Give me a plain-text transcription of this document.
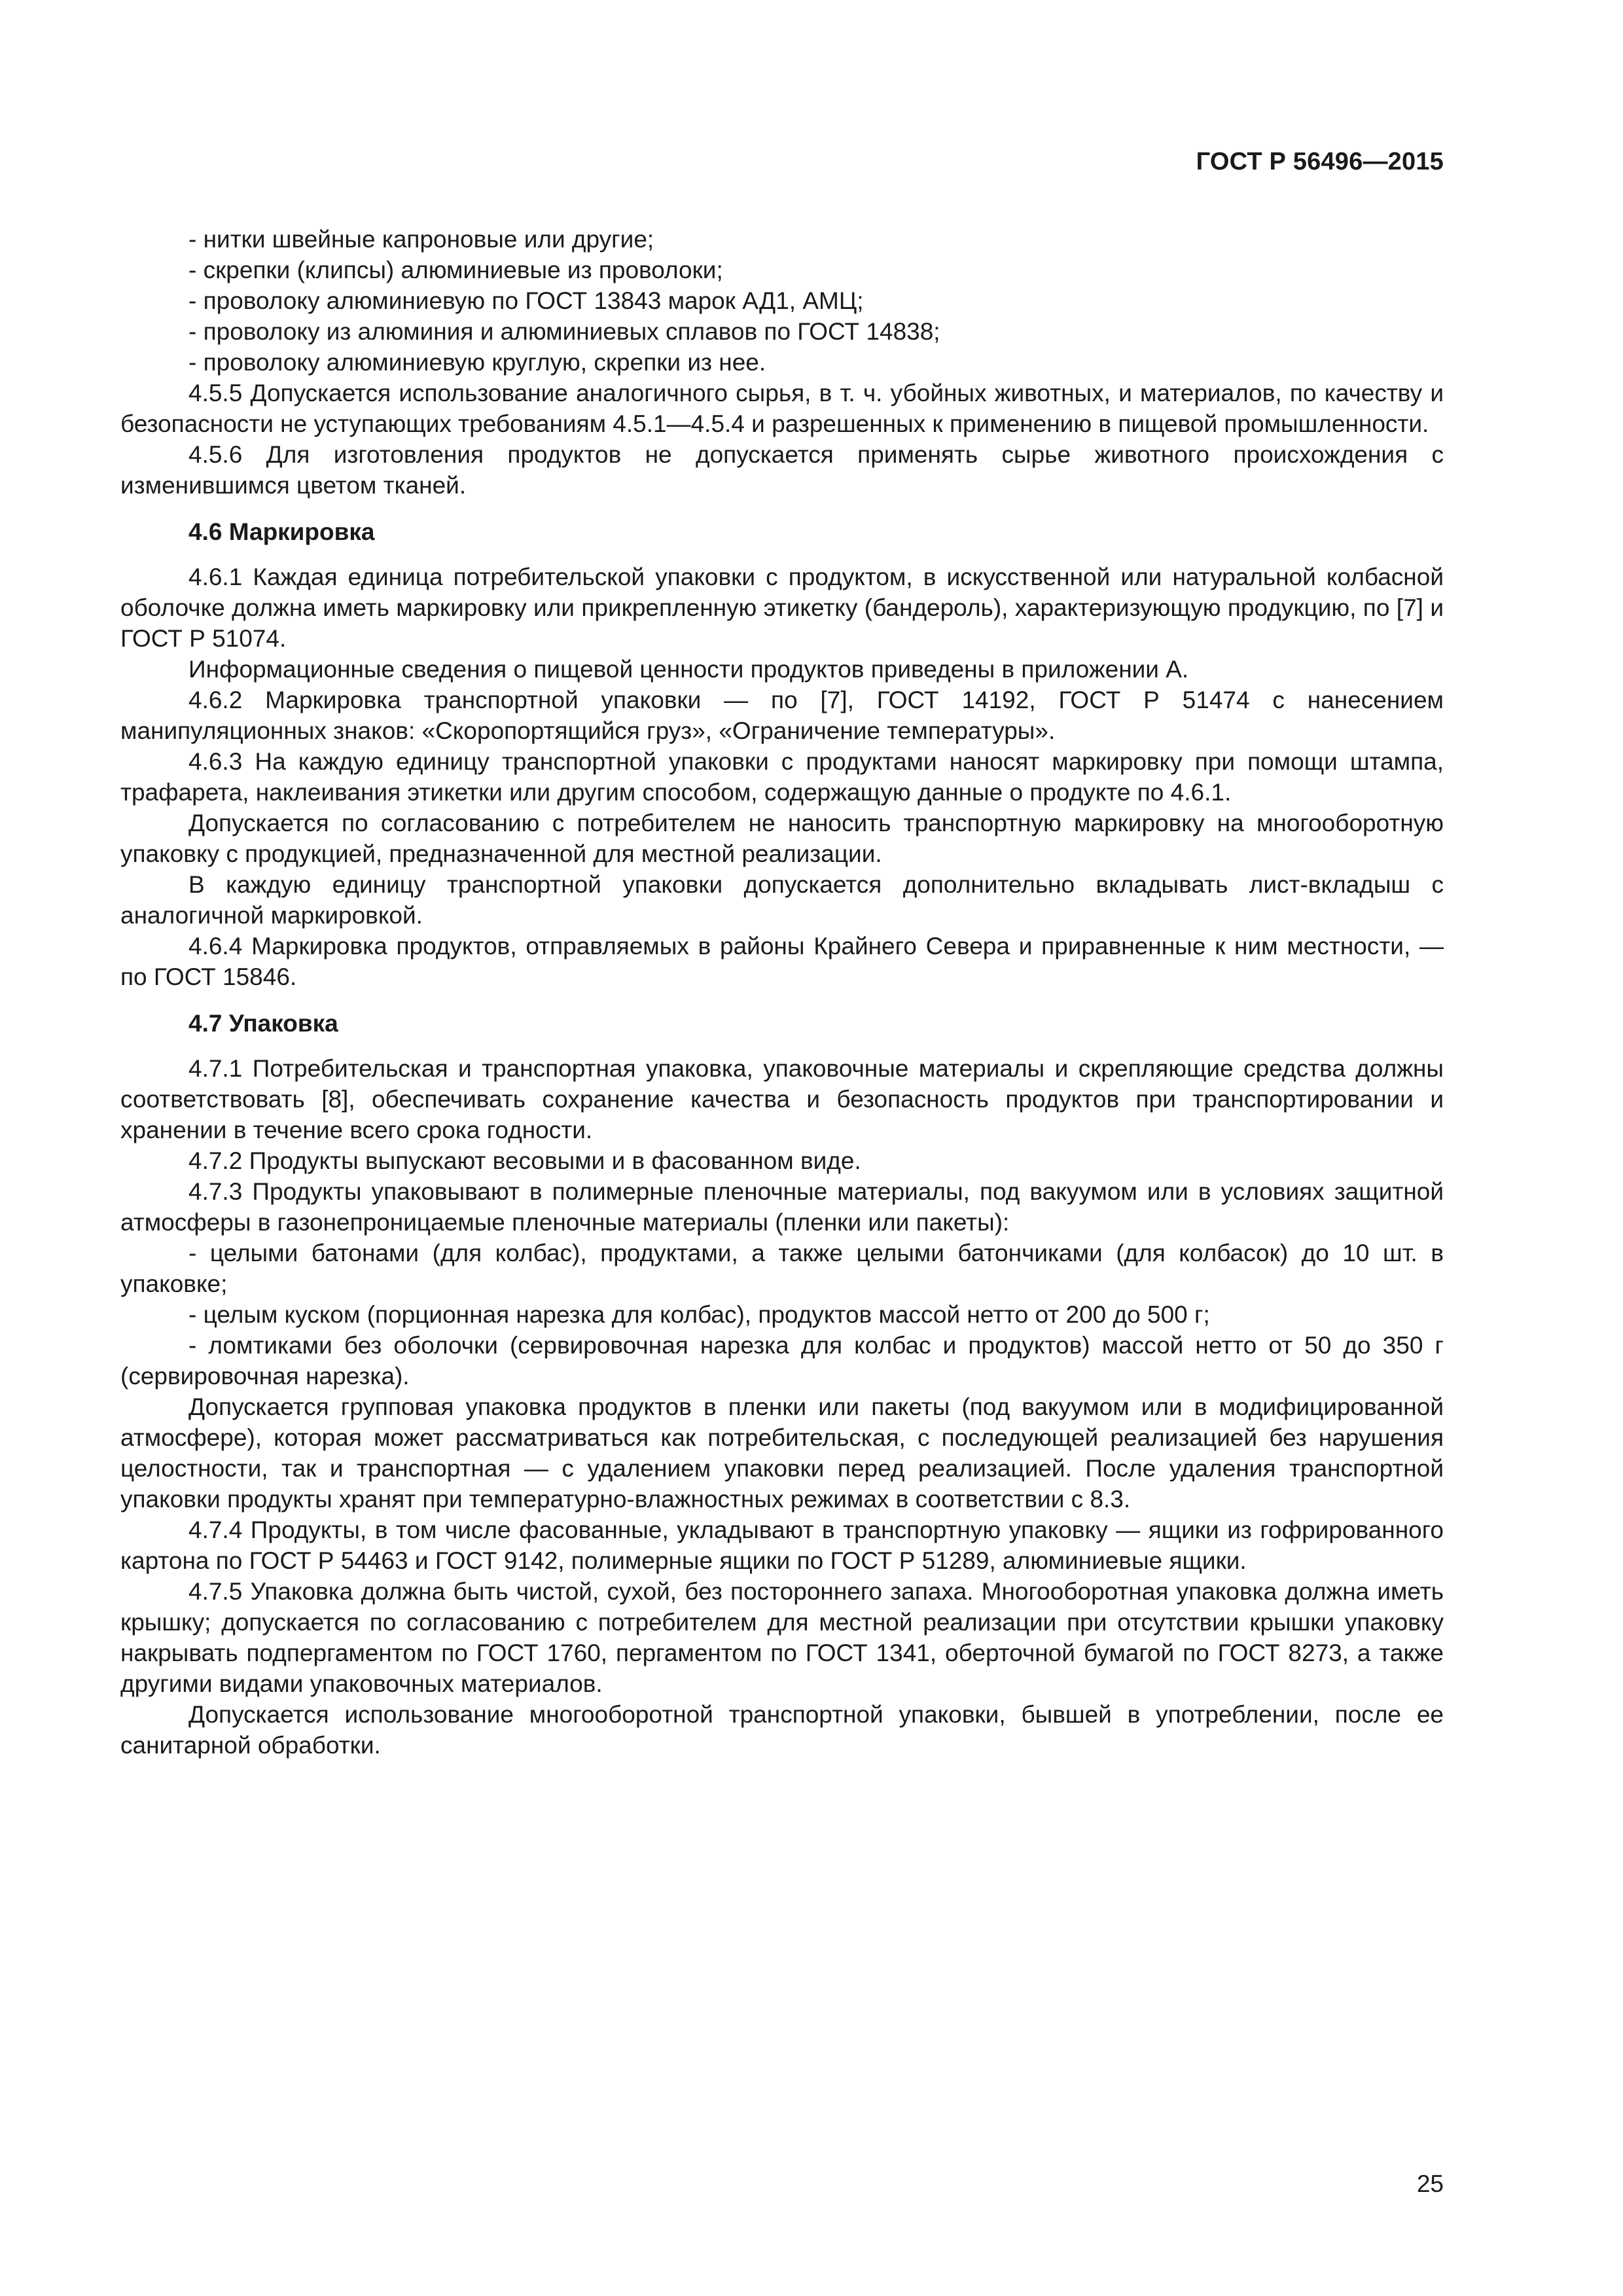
ГОСТ Р 56496—2015

- нитки швейные капроновые или другие;

- скрепки (клипсы) алюминиевые из проволоки;

- проволоку алюминиевую по ГОСТ 13843 марок АД1, АМЦ;

- проволоку из алюминия и алюминиевых сплавов по ГОСТ 14838;

- проволоку алюминиевую круглую, скрепки из нее.

4.5.5 Допускается использование аналогичного сырья, в т. ч. убойных животных, и материалов, по качеству и безопасности не уступающих требованиям 4.5.1—4.5.4 и разрешенных к применению в пищевой промышленности.

4.5.6 Для изготовления продуктов не допускается применять сырье животного происхождения с изменившимся цветом тканей.

4.6 Маркировка

4.6.1 Каждая единица потребительской упаковки с продуктом, в искусственной или натуральной колбасной оболочке должна иметь маркировку или прикрепленную этикетку (бандероль), характеризующую продукцию, по [7] и ГОСТ Р 51074.

Информационные сведения о пищевой ценности продуктов приведены в приложении А.

4.6.2 Маркировка транспортной упаковки — по [7], ГОСТ 14192, ГОСТ Р 51474 с нанесением манипуляционных знаков: «Скоропортящийся груз», «Ограничение температуры».

4.6.3 На каждую единицу транспортной упаковки с продуктами наносят маркировку при помощи штампа, трафарета, наклеивания этикетки или другим способом, содержащую данные о продукте по 4.6.1.

Допускается по согласованию с потребителем не наносить транспортную маркировку на многооборотную упаковку с продукцией, предназначенной для местной реализации.

В каждую единицу транспортной упаковки допускается дополнительно вкладывать лист-вкладыш с аналогичной маркировкой.

4.6.4 Маркировка продуктов, отправляемых в районы Крайнего Севера и приравненные к ним местности, — по ГОСТ 15846.

4.7 Упаковка

4.7.1 Потребительская и транспортная упаковка, упаковочные материалы и скрепляющие средства должны соответствовать [8], обеспечивать сохранение качества и безопасность продуктов при транспортировании и хранении в течение всего срока годности.

4.7.2 Продукты выпускают весовыми и в фасованном виде.

4.7.3 Продукты упаковывают в полимерные пленочные материалы, под вакуумом или в условиях защитной атмосферы в газонепроницаемые пленочные материалы (пленки или пакеты):

- целыми батонами (для колбас), продуктами, а также целыми батончиками (для колбасок) до 10 шт. в упаковке;

- целым куском (порционная нарезка для колбас), продуктов массой нетто от 200 до 500 г;

- ломтиками без оболочки (сервировочная нарезка для колбас и продуктов) массой нетто от 50 до 350 г (сервировочная нарезка).

Допускается групповая упаковка продуктов в пленки или пакеты (под вакуумом или в модифицированной атмосфере), которая может рассматриваться как потребительская, с последующей реализацией без нарушения целостности, так и транспортная — с удалением упаковки перед реализацией. После удаления транспортной упаковки продукты хранят при температурно-влажностных режимах в соответствии с 8.3.

4.7.4 Продукты, в том числе фасованные, укладывают в транспортную упаковку — ящики из гофрированного картона по ГОСТ Р 54463 и ГОСТ 9142, полимерные ящики по ГОСТ Р 51289, алюминиевые ящики.

4.7.5 Упаковка должна быть чистой, сухой, без постороннего запаха. Многооборотная упаковка должна иметь крышку; допускается по согласованию с потребителем для местной реализации при отсутствии крышки упаковку накрывать подпергаментом по ГОСТ 1760, пергаментом по ГОСТ 1341, оберточной бумагой по ГОСТ 8273, а также другими видами упаковочных материалов.

Допускается использование многооборотной транспортной упаковки, бывшей в употреблении, после ее санитарной обработки.

25
